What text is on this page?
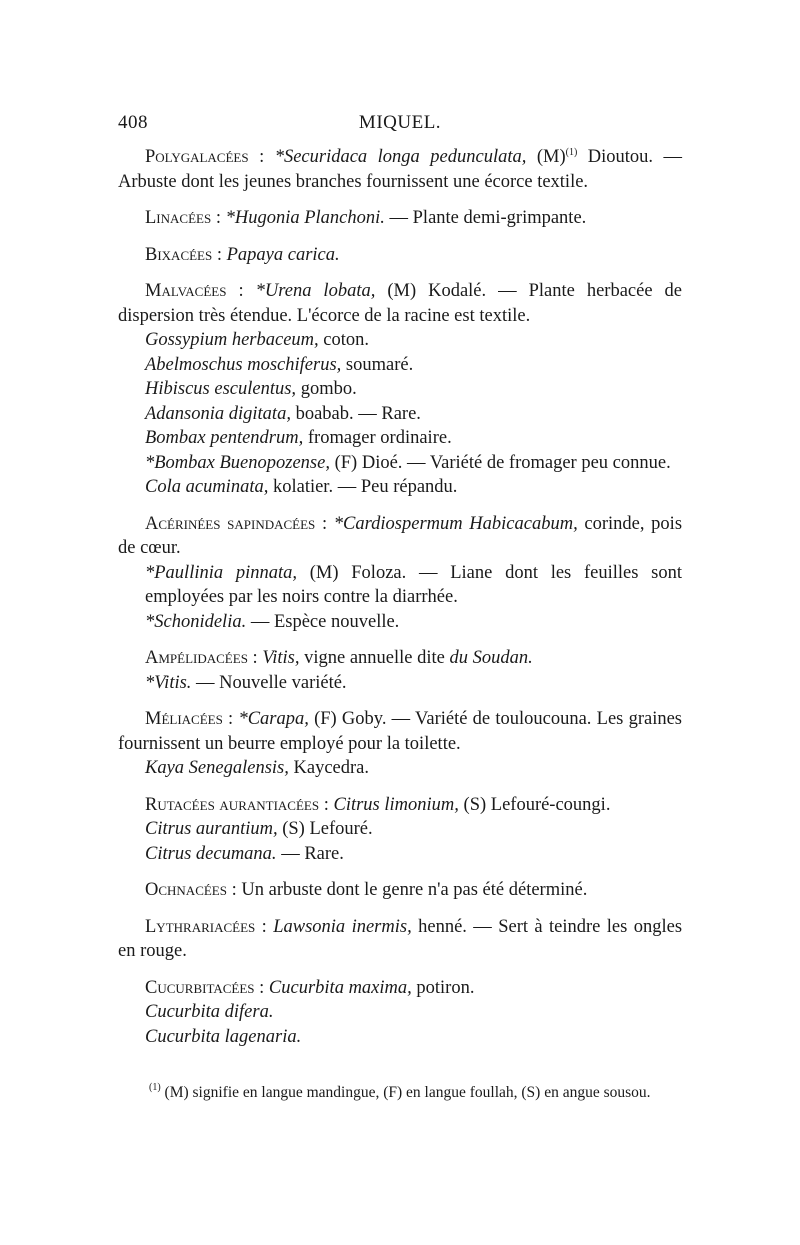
408	MIQUEL.
Polygalacées : *Securidaca longa pedunculata, $(M)^{(1)}$ Dioutou. — Arbuste dont les jeunes branches fournissent une écorce textile.
Linacées : *Hugonia Planchoni. — Plante demi-grimpante.
Bixacées : Papaya carica.
Malvacées : *Urena lobata, (M) Kodalé. — Plante herbacée de dispersion très étendue. L'écorce de la racine est textile.
Gossypium herbaceum, coton.
Abelmoschus moschiferus, soumaré.
Hibiscus esculentus, gombo.
Adansonia digitata, boabab. — Rare.
Bombax pentendrum, fromager ordinaire.
*Bombax Buenopozense, (F) Dioé. — Variété de fromager peu connue.
Cola acuminata, kolatier. — Peu répandu.
Acérinées sapindacées : *Cardiospermum Habicacabum, corinde, pois de cœur.
*Paullinia pinnata, (M) Foloza. — Liane dont les feuilles sont employées par les noirs contre la diarrhée.
*Schonidelia. — Espèce nouvelle.
Ampélidacées : Vitis, vigne annuelle dite du Soudan.
*Vitis. — Nouvelle variété.
Méliacées : *Carapa, (F) Goby. — Variété de touloucouna. Les graines fournissent un beurre employé pour la toilette.
Kaya Senegalensis, Kaycedra.
Rutacées aurantiacées : Citrus limonium, (S) Lefouré-coungi.
Citrus aurantium, (S) Lefouré.
Citrus decumana. — Rare.
Ochnacées : Un arbuste dont le genre n'a pas été déterminé.
Lythrariacées : Lawsonia inermis, henné. — Sert à teindre les ongles en rouge.
Cucurbitacées : Cucurbita maxima, potiron.
Cucurbita difera.
Cucurbita lagenaria.
$^{(1)}$ (M) signifie en langue mandingue, (F) en langue foullah, (S) en angue sousou.
